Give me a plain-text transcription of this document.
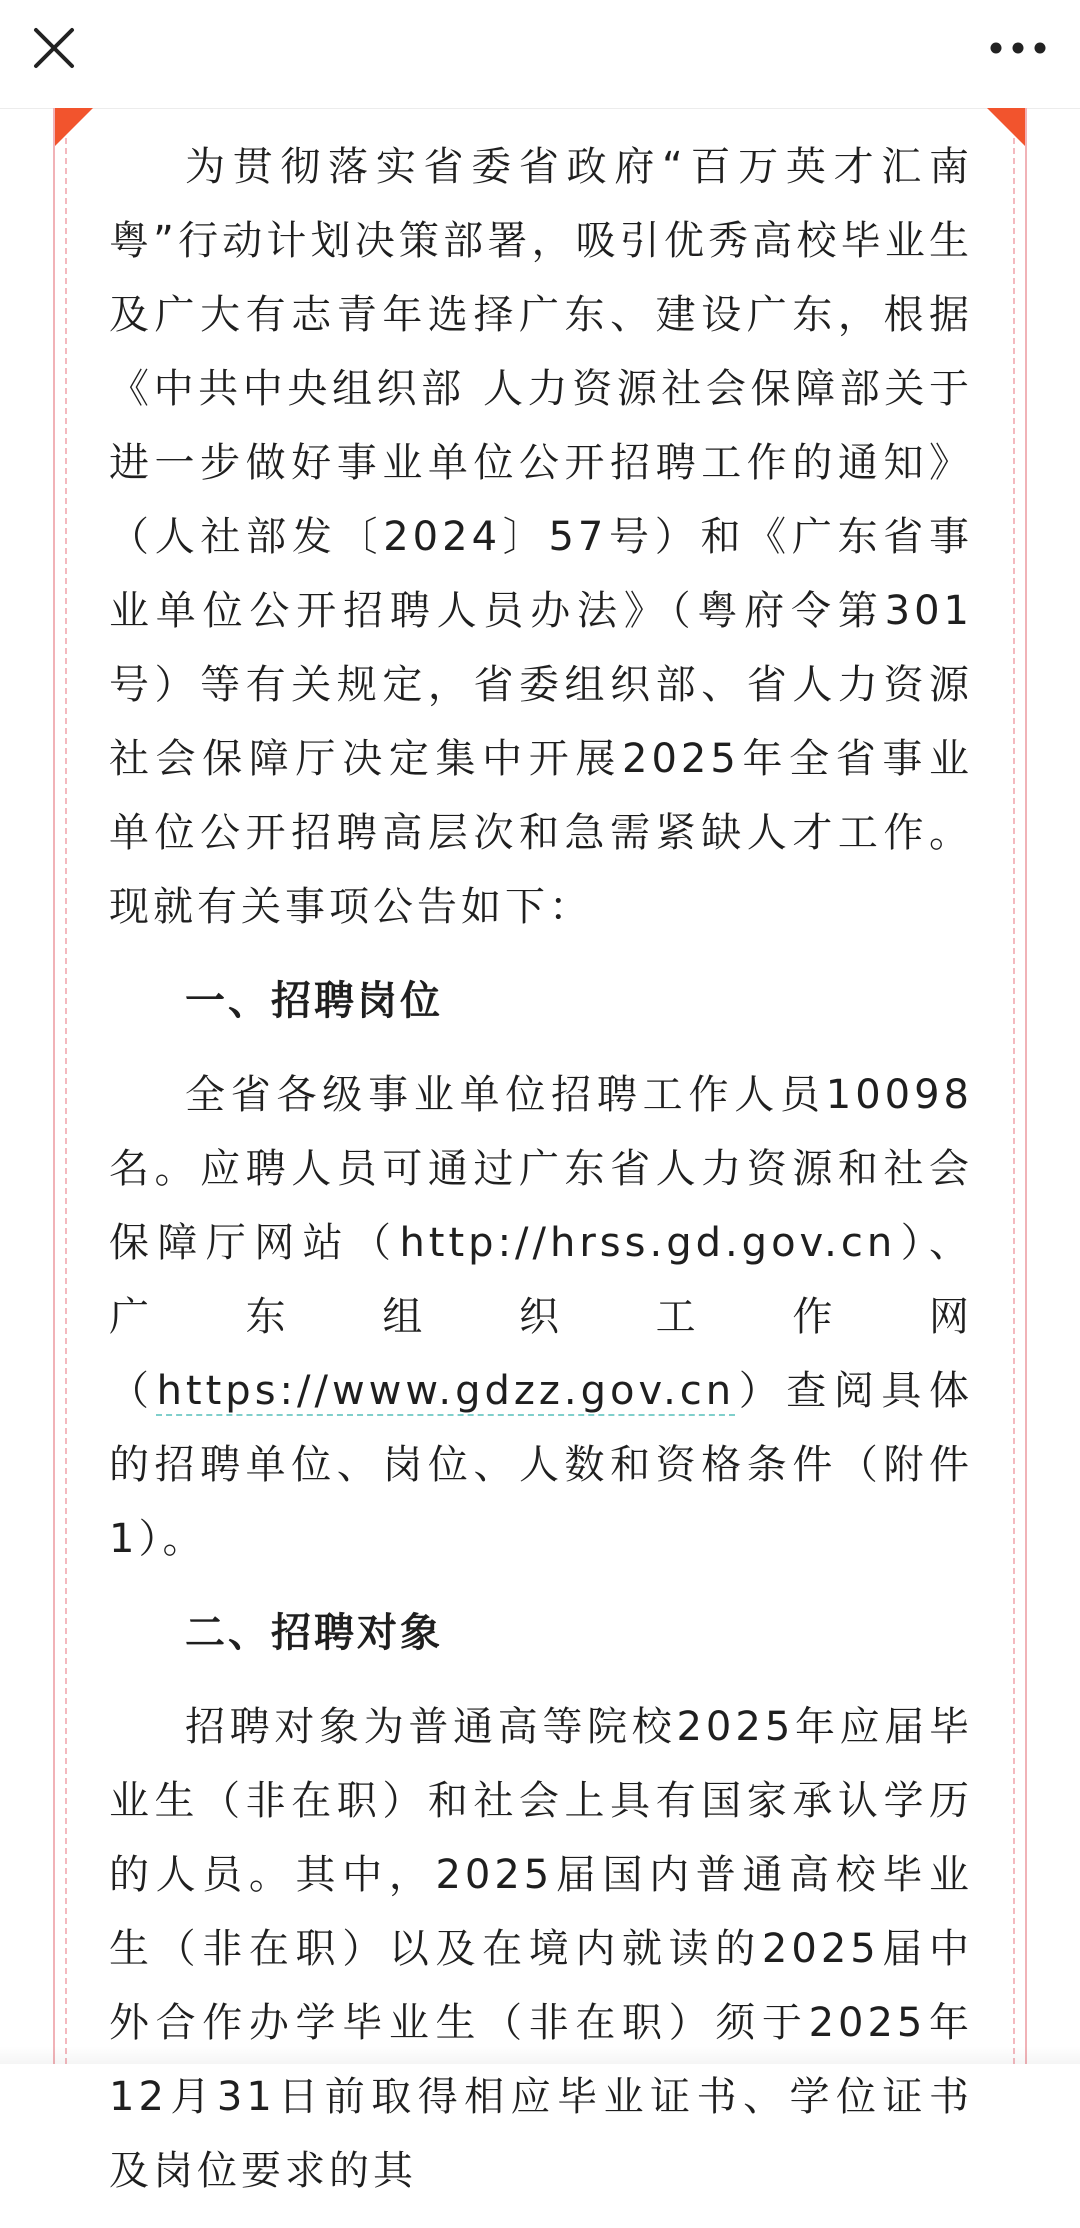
为贯彻落实省委省政府“百万英才汇南粤”行动计划决策部署，吸引优秀高校毕业生及广大有志青年选择广东、建设广东，根据《中共中央组织部 人力资源社会保障部关于进一步做好事业单位公开招聘工作的通知》（人社部发〔2024〕57号）和《广东省事业单位公开招聘人员办法》（粤府令第301号）等有关规定，省委组织部、省人力资源社会保障厅决定集中开展2025年全省事业单位公开招聘高层次和急需紧缺人才工作。现就有关事项公告如下：

一、招聘岗位

全省各级事业单位招聘工作人员10098名。应聘人员可通过广东省人力资源和社会保障厅网站（http://hrss.gd.gov.cn）、广东组织工作网（https://www.gdzz.gov.cn）查阅具体的招聘单位、岗位、人数和资格条件（附件1）。

二、招聘对象

招聘对象为普通高等院校2025年应届毕业生（非在职）和社会上具有国家承认学历的人员。其中，2025届国内普通高校毕业生（非在职）以及在境内就读的2025届中外合作办学毕业生（非在职）须于2025年12月31日前取得相应毕业证书、学位证书及岗位要求的其
